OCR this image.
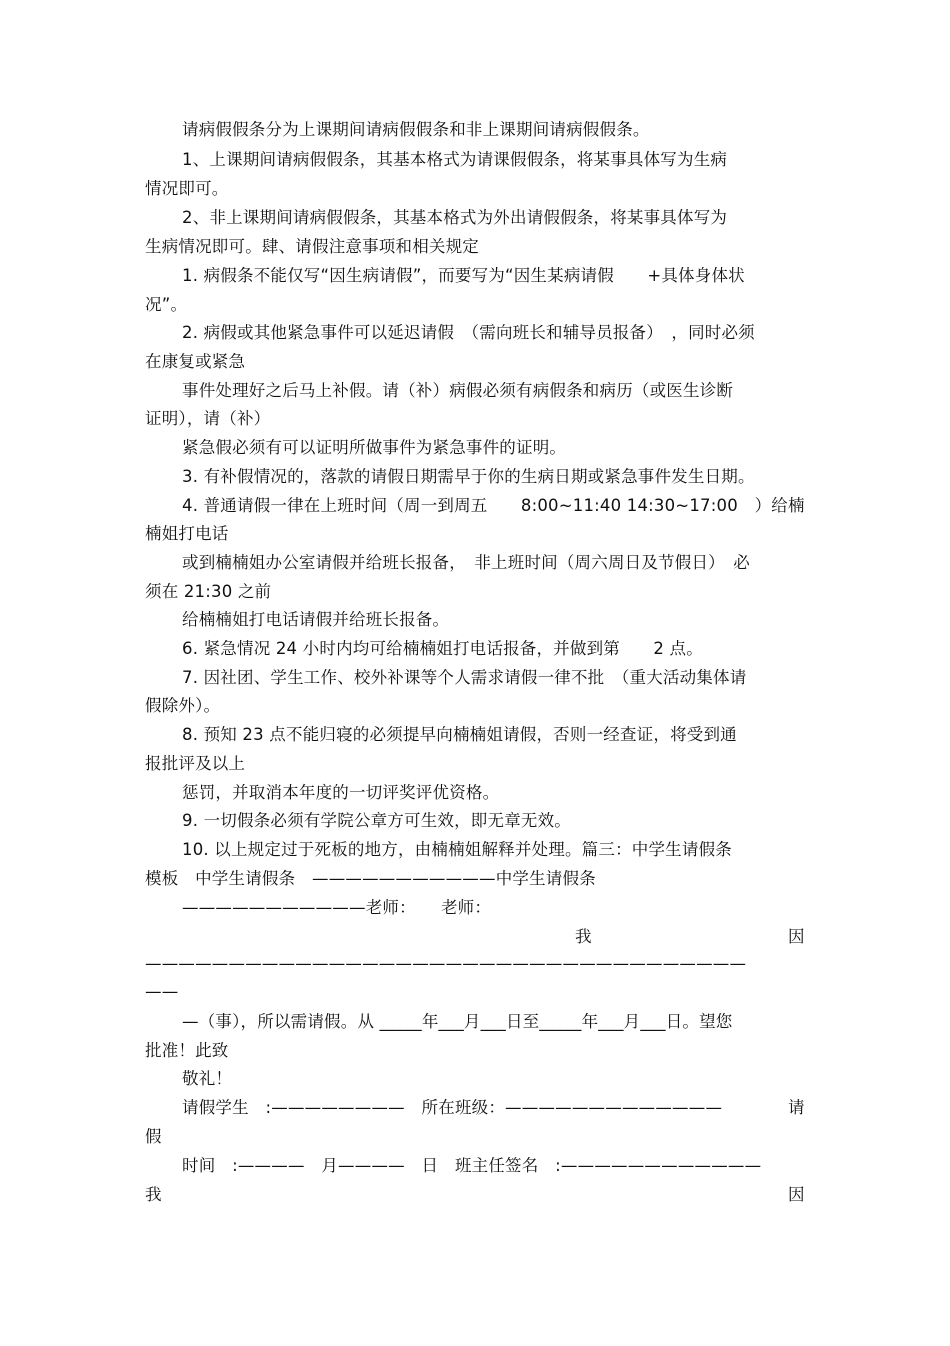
请病假假条分为上课期间请病假假条和非上课期间请病假假条。
1、上课期间请病假假条，其基本格式为请课假假条，将某事具体写为生病
情况即可。
2、非上课期间请病假假条，其基本格式为外出请假假条，将某事具体写为
生病情况即可。肆、请假注意事项和相关规定
1. 病假条不能仅写“因生病请假”，而要写为“因生某病请假　　+具体身体状
况”。
2. 病假或其他紧急事件可以延迟请假　（需向班长和辅导员报备）　，同时必须
在康复或紧急
事件处理好之后马上补假。请（补）病假必须有病假条和病历（或医生诊断
证明），请（补）
紧急假必须有可以证明所做事件为紧急事件的证明。
3. 有补假情况的，落款的请假日期需早于你的生病日期或紧急事件发生日期。
4. 普通请假一律在上班时间（周一到周五　　8:00~11:40 14:30~17:00　）给楠
楠姐打电话
或到楠楠姐办公室请假并给班长报备，　非上班时间（周六周日及节假日）　必
须在 21:30 之前
给楠楠姐打电话请假并给班长报备。
6. 紧急情况 24 小时内均可给楠楠姐打电话报备，并做到第　　2 点。
7. 因社团、学生工作、校外补课等个人需求请假一律不批　（重大活动集体请
假除外）。
8. 预知 23 点不能归寝的必须提早向楠楠姐请假，否则一经查证，将受到通
报批评及以上
惩罚，并取消本年度的一切评奖评优资格。
9. 一切假条必须有学院公章方可生效，即无章无效。
10. 以上规定过于死板的地方，由楠楠姐解释并处理。篇三：中学生请假条
模板　中学生请假条　———————————中学生请假条
———————————老师：　　老师：
我	因
————————————————————————————————————
——
—（事），所以需请假。从 _____年___月___日至_____年___月___日。望您
批准！此致
敬礼！
请假学生　:————————　所在班级：—————————————	请
假
时间　:————　月————　日　班主任签名　:————————————
我	因
